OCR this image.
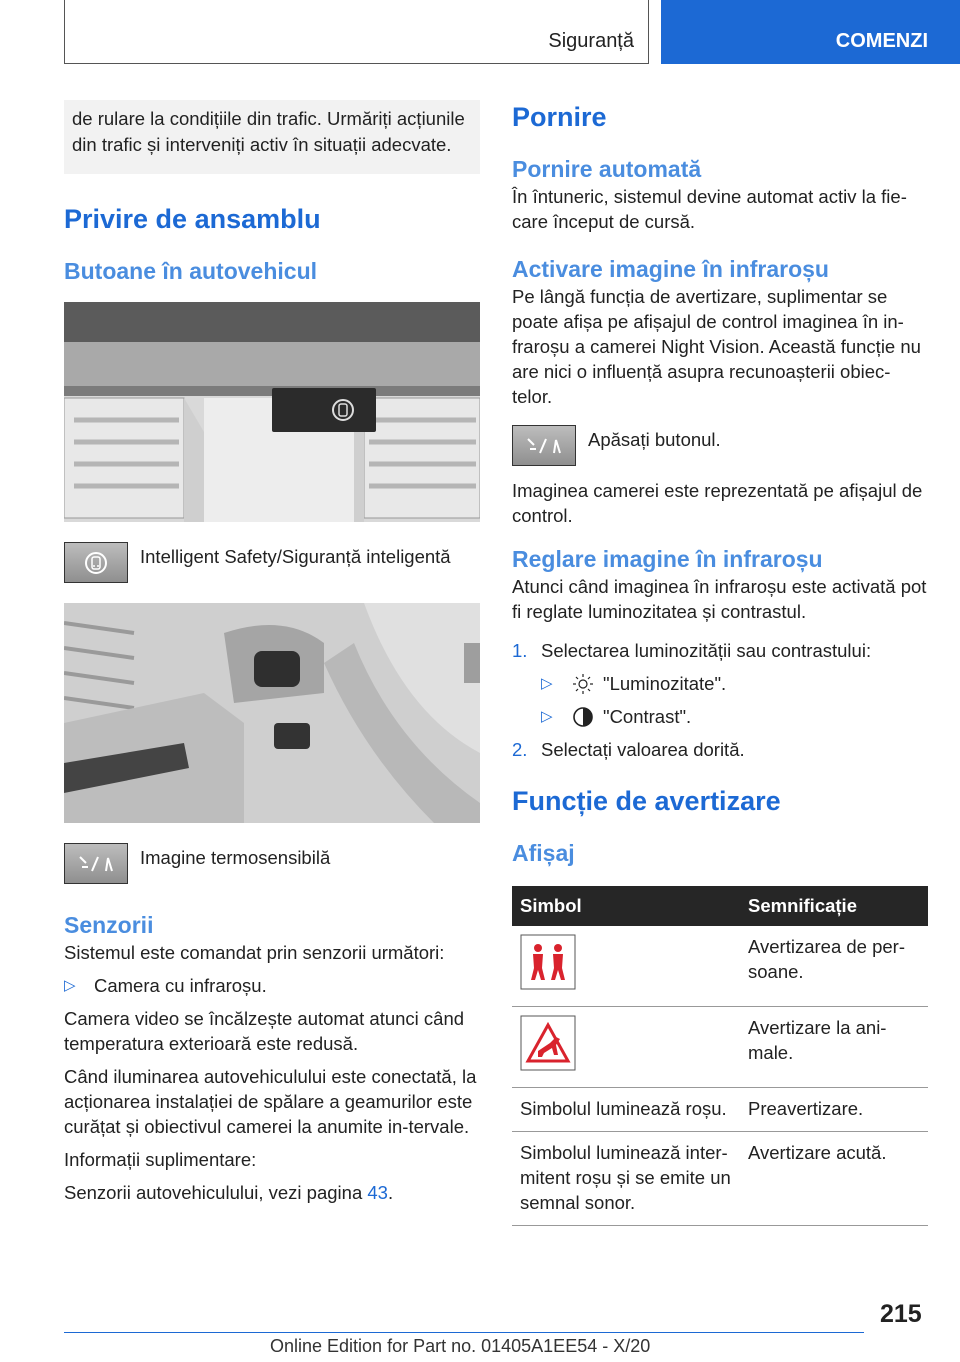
Siguranță	COMENZI
de rulare la condițiile din trafic. Urmăriți acțiunile din trafic și interveniți activ în situații adecvate.
Privire de ansamblu
Butoane în autovehicul
Intelligent Safety/Siguranță inteligentă
Imagine termosensibilă
Senzorii
Sistemul este comandat prin senzorii următori:
▷ Camera cu infraroșu.
Camera video se încălzește automat atunci când temperatura exterioară este redusă.
Când iluminarea autovehiculului este conectată, la acționarea instalației de spălare a geamurilor este curățat și obiectivul camerei la anumite in‐tervale.
Informații suplimentare:
Senzorii autovehiculului, vezi pagina 43.
Pornire
Pornire automată
În întuneric, sistemul devine automat activ la fie‐care început de cursă.
Activare imagine în infraroșu
Pe lângă funcția de avertizare, suplimentar se poate afișa pe afișajul de control imaginea în in‐fraroșu a camerei Night Vision. Această funcție nu are nici o influență asupra recunoașterii obiec‐telor.
Apăsați butonul.
Imaginea camerei este reprezentată pe afișajul de control.
Reglare imagine în infraroșu
Atunci când imaginea în infraroșu este activată pot fi reglate luminozitatea și contrastul.
1. Selectarea luminozității sau contrastului:
▷	"Luminozitate".
▷	"Contrast".
2. Selectați valoarea dorită.
Funcție de avertizare
Afișaj
Simbol	Semnificație
	Avertizarea de per‐soane.
	Avertizare la ani‐male.
Simbolul luminează roșu.	Preavertizare.
Simbolul luminează inter‐mitent roșu și se emite un semnal sonor.	Avertizare acută.
215
Online Edition for Part no. 01405A1EE54 - X/20
